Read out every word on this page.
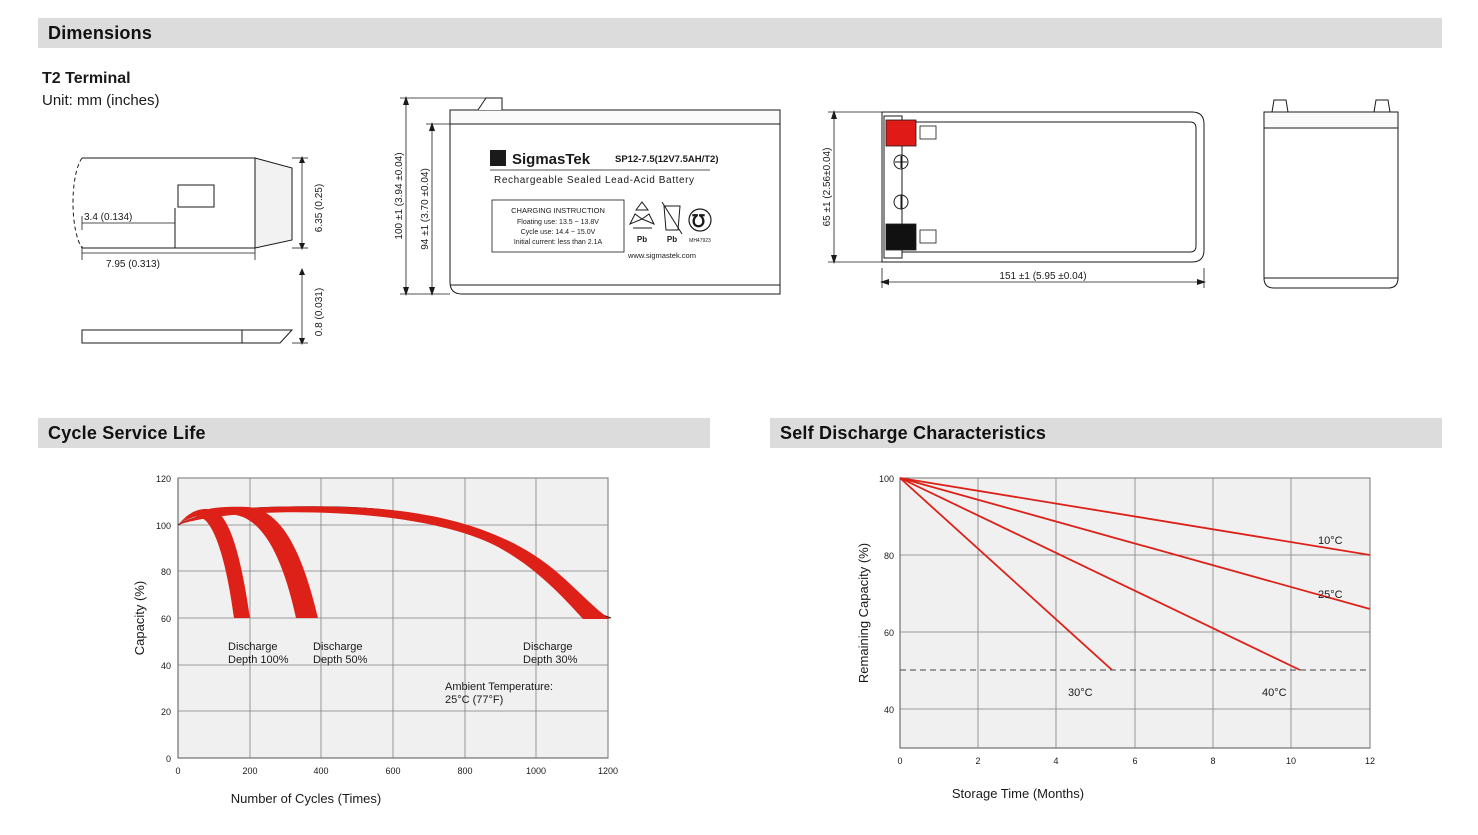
Dimensions
T2 Terminal
Unit: mm (inches)
6.35 (0.25)
0.8 (0.031)
3.4 (0.134)
7.95 (0.313)
Σ SigmasTek	SP12-7.5(12V7.5AH/T2)
Rechargeable Sealed Lead-Acid Battery
CHARGING INSTRUCTION
Floating use: 13.5 ~ 13.8V
Cycle use: 14.4 ~ 15.0V
Initial current: less than 2.1A	Pb Pb
℧
MH47923
www.sigmastek.com
100 ±1 (3.94 ±0.04) 94 ±1 (3.70 ±0.04)	65 ±1 (2.56±0.04)
151 ±1 (5.95 ±0.04)
Cycle Service Life
Discharge
Depth 100%
Discharge
Depth 50%
Discharge
Depth 30%
Ambient Temperature:
25°C (77°F)
120
100
80
60
40
20
0
0	200	400	600	800	1000	1200
Capacity (%)
Number of Cycles (Times)
Self Discharge Characteristics
10°C
25°C
40°C
30°C
100
80
60
40
0	2	4	6	8	10	12
Remaining Capacity (%)
Storage Time (Months)
